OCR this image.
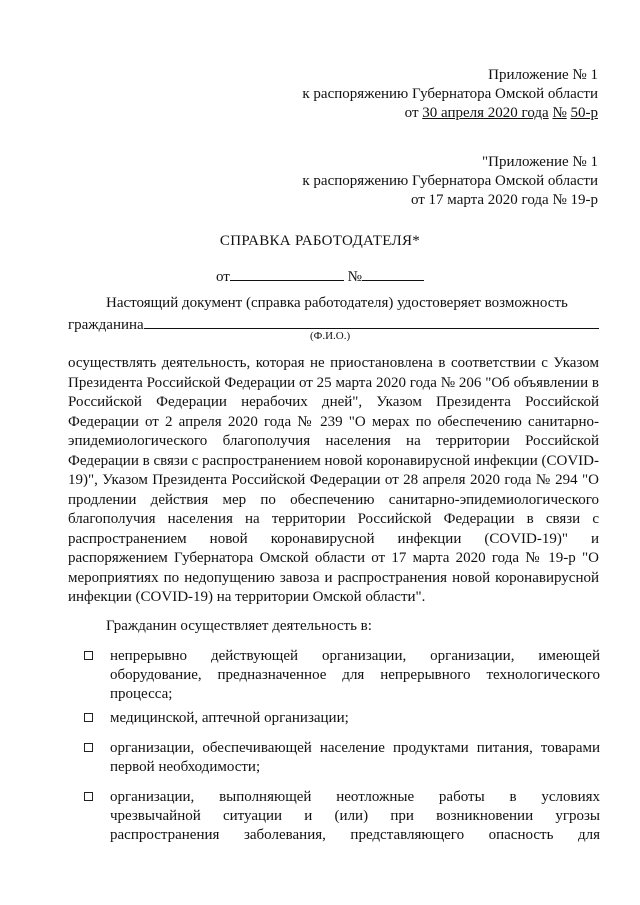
Приложение № 1
к распоряжению Губернатора Омской области
от 30 апреля 2020 года № 50-р
"Приложение № 1
к распоряжению Губернатора Омской области
от 17 марта 2020 года № 19-р
СПРАВКА РАБОТОДАТЕЛЯ*
от	№
Настоящий документ (справка работодателя) удостоверяет возможность
гражданина
(Ф.И.О.)
осуществлять деятельность, которая не приостановлена в соответствии с Указом Президента Российской Федерации от 25 марта 2020 года № 206 "Об объявлении в Российской Федерации нерабочих дней", Указом Президента Российской Федерации от 2 апреля 2020 года № 239 "О мерах по обеспечению санитарно-эпидемиологического благополучия населения на территории Российской Федерации в связи с распространением новой коронавирусной инфекции (COVID-19)", Указом Президента Российской Федерации от 28 апреля 2020 года № 294 "О продлении действия мер по обеспечению санитарно-эпидемиологического благополучия населения на территории Российской Федерации в связи с распространением новой коронавирусной инфекции (COVID-19)" и распоряжением Губернатора Омской области от 17 марта 2020 года № 19-р "О мероприятиях по недопущению завоза и распространения новой коронавирусной инфекции (COVID-19) на территории Омской области".
Гражданин осуществляет деятельность в:
непрерывно действующей организации, организации, имеющей оборудование, предназначенное для непрерывного технологического процесса;
медицинской, аптечной организации;
организации, обеспечивающей население продуктами питания, товарами первой необходимости;
организации, выполняющей неотложные работы в условиях
чрезвычайной ситуации и (или) при возникновении угрозы
распространения заболевания, представляющего опасность для
